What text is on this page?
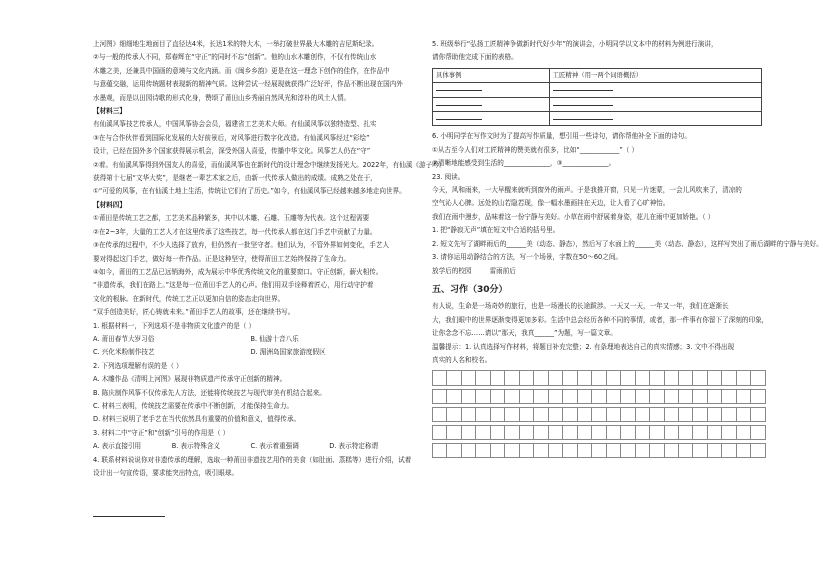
上河图》细细地生地面目了直径达4米，长达1米的特大木，一举打破世界最大木雕的吉尼斯纪录。

②与一般的传承人不同，郑春辉在“守正”的同时不忘“创新”。他的山水木雕创作，不仅有传统山水

木雕之美，还兼具中国画的意境与文化内涵。而《闽乡乡韵》更是在这一理念下创作的佳作，在作品中

与意蕴交融，运用传统题材表现新的精神气质。这种尝试一经展现就获得广泛好评，作品不断出现在国内外

水墨观，而是以田园诗歌的形式化身，赞颂了莆田山乡秀丽自然风光和淳朴的风土人情。

【材料三】

有仙溪风筝技艺传承人，中国风筝协会会员，福建省工艺美术大师。有仙溪风筝以独特造型、扎实

③在与合作伙伴看到国际化发展的大好前景后，对风筝进行数字化改造。有仙溪风筝经过“彩绘”

设计，已经在国外多个国家获得展示机会，深受外国人喜爱，传播中华文化。风筝艺人仍在“守”

②着。有仙溪风筝得到外国友人的喜爱，而仙溪风筝也在新时代的设计理念中继续发扬光大。2022年，有仙溪《游子吟》

获得第十七届“文华大奖”，是继老一辈艺术家之后，由新一代传承人做出的成绩。成熟之处在于，

①“可爱的风筝，在有仙溪土地上生活，传统让它们有了历史。”如今，有仙溪风筝已经越来越多地走向世界。

【材料四】

①莆田是传统工艺之都，工艺美术品种繁多，其中以木雕、石雕、玉雕等为代表。这个过程需要

②在2~3年，大量的工艺人才在这里传承了这些技艺，每一代传承人都在这门手艺中贡献了力量。

③在传承的过程中，不少人选择了放弃，但仍然有一批坚守者。他们认为，不管外界如何变化，手艺人

要对得起这门手艺，做好每一件作品。正是这种坚守，使得莆田工艺始终保持了生命力。

④如今，莆田的工艺品已远销海外，成为展示中华优秀传统文化的重要窗口。守正创新，薪火相传。

“非遗传承，我们在路上。”这是每一位莆田手艺人的心声。他们用双手诠释着匠心，用行动守护着

文化的根脉。在新时代，传统工艺正以更加自信的姿态走向世界。

“双手创造美好，匠心铸就未来。”莆田手艺人的故事，还在继续书写。

1. 根据材料一，下列选项不是非物质文化遗产的是（ ）

A. 莆田春节大岁习俗	B. 仙游十音八乐
C. 兴化米粉制作技艺	D. 湄洲岛国家旅游度假区

2. 下列选项理解有误的是（ ）

A. 木雕作品《清明上河图》展现非物质遗产传承守正创新的精神。

B. 陈庆制作风筝不仅传承先人方法，还能将传统技艺与现代审美有机结合起来。

C. 材料三表明，传统技艺需要在传承中不断创新，才能保持生命力。

D. 材料三说明了老手艺在当代依然具有重要的价值和意义，值得传承。

3. 材料二中“守正”和“创新”引号的作用是（ ）

A. 表示直接引用	B. 表示特殊含义	C. 表示着重强调	D. 表示特定称谓

4. 联系材料说说你对非遗传承的理解，选取一种莆田非遗技艺用作的美食（如肚面、蒸糕等）进行介绍，试着

设计出一句宣传语，要求能突出特点，吸引眼球。

5. 班级举行“弘扬工匠精神争做新时代好少年”的演讲会，小明同学以文本中的材料为例进行演讲，

请你帮助他完成下面的表格。

具体事例	工匠精神（用一两个词语概括）

6. 小明同学在写作文时为了提高写作质量，想引用一些诗句，请你帮他补全下面的诗句。

①从古至今人们对工匠精神的赞美就有很多，比如“____________”（ ）

②清晰地能感受到生活的______________，③______________。

23. 阅读。

今天，风和雨来，一大早醒来就听到窗外的雨声。于是我推开窗，只见一片迷蒙，一会儿风吹来了，清凉的

空气沁人心脾。远处的山若隐若现，像一幅水墨画挂在天边，让人看了心旷神怡。

我们在雨中漫步，品味着这一份宁静与美好。小草在雨中舒展着身姿，花儿在雨中更加娇艳。（ ）

1. 把“静寂无声”填在短文中合适的括号里。

2. 短文先写了湖畔雨后的______美（动态、静态），然后写了水面上的______美（动态、静态），这样写突出了雨后湖畔的宁静与美好。

3. 请你运用动静结合的方法，写一个场景，字数在50～60之间。

放学后的校园	雷雨前后

五、习作（30分）

有人说，生命是一场奇妙的旅行，也是一场漫长的长途跋涉。一天又一天，一年又一年，我们在逐渐长

大，我们眼中的世界逐渐变得更加多彩。生活中总会经历各种不同的事情，或者，那一件事有你留下了深刻的印象，

让你念念不忘……请以“那天，我真______”为题，写一篇文章。

温馨提示：1. 认真选择写作材料，将题目补充完整；2. 有条理地表达自己的真实情感；3. 文中不得出现

真实的人名和校名。
